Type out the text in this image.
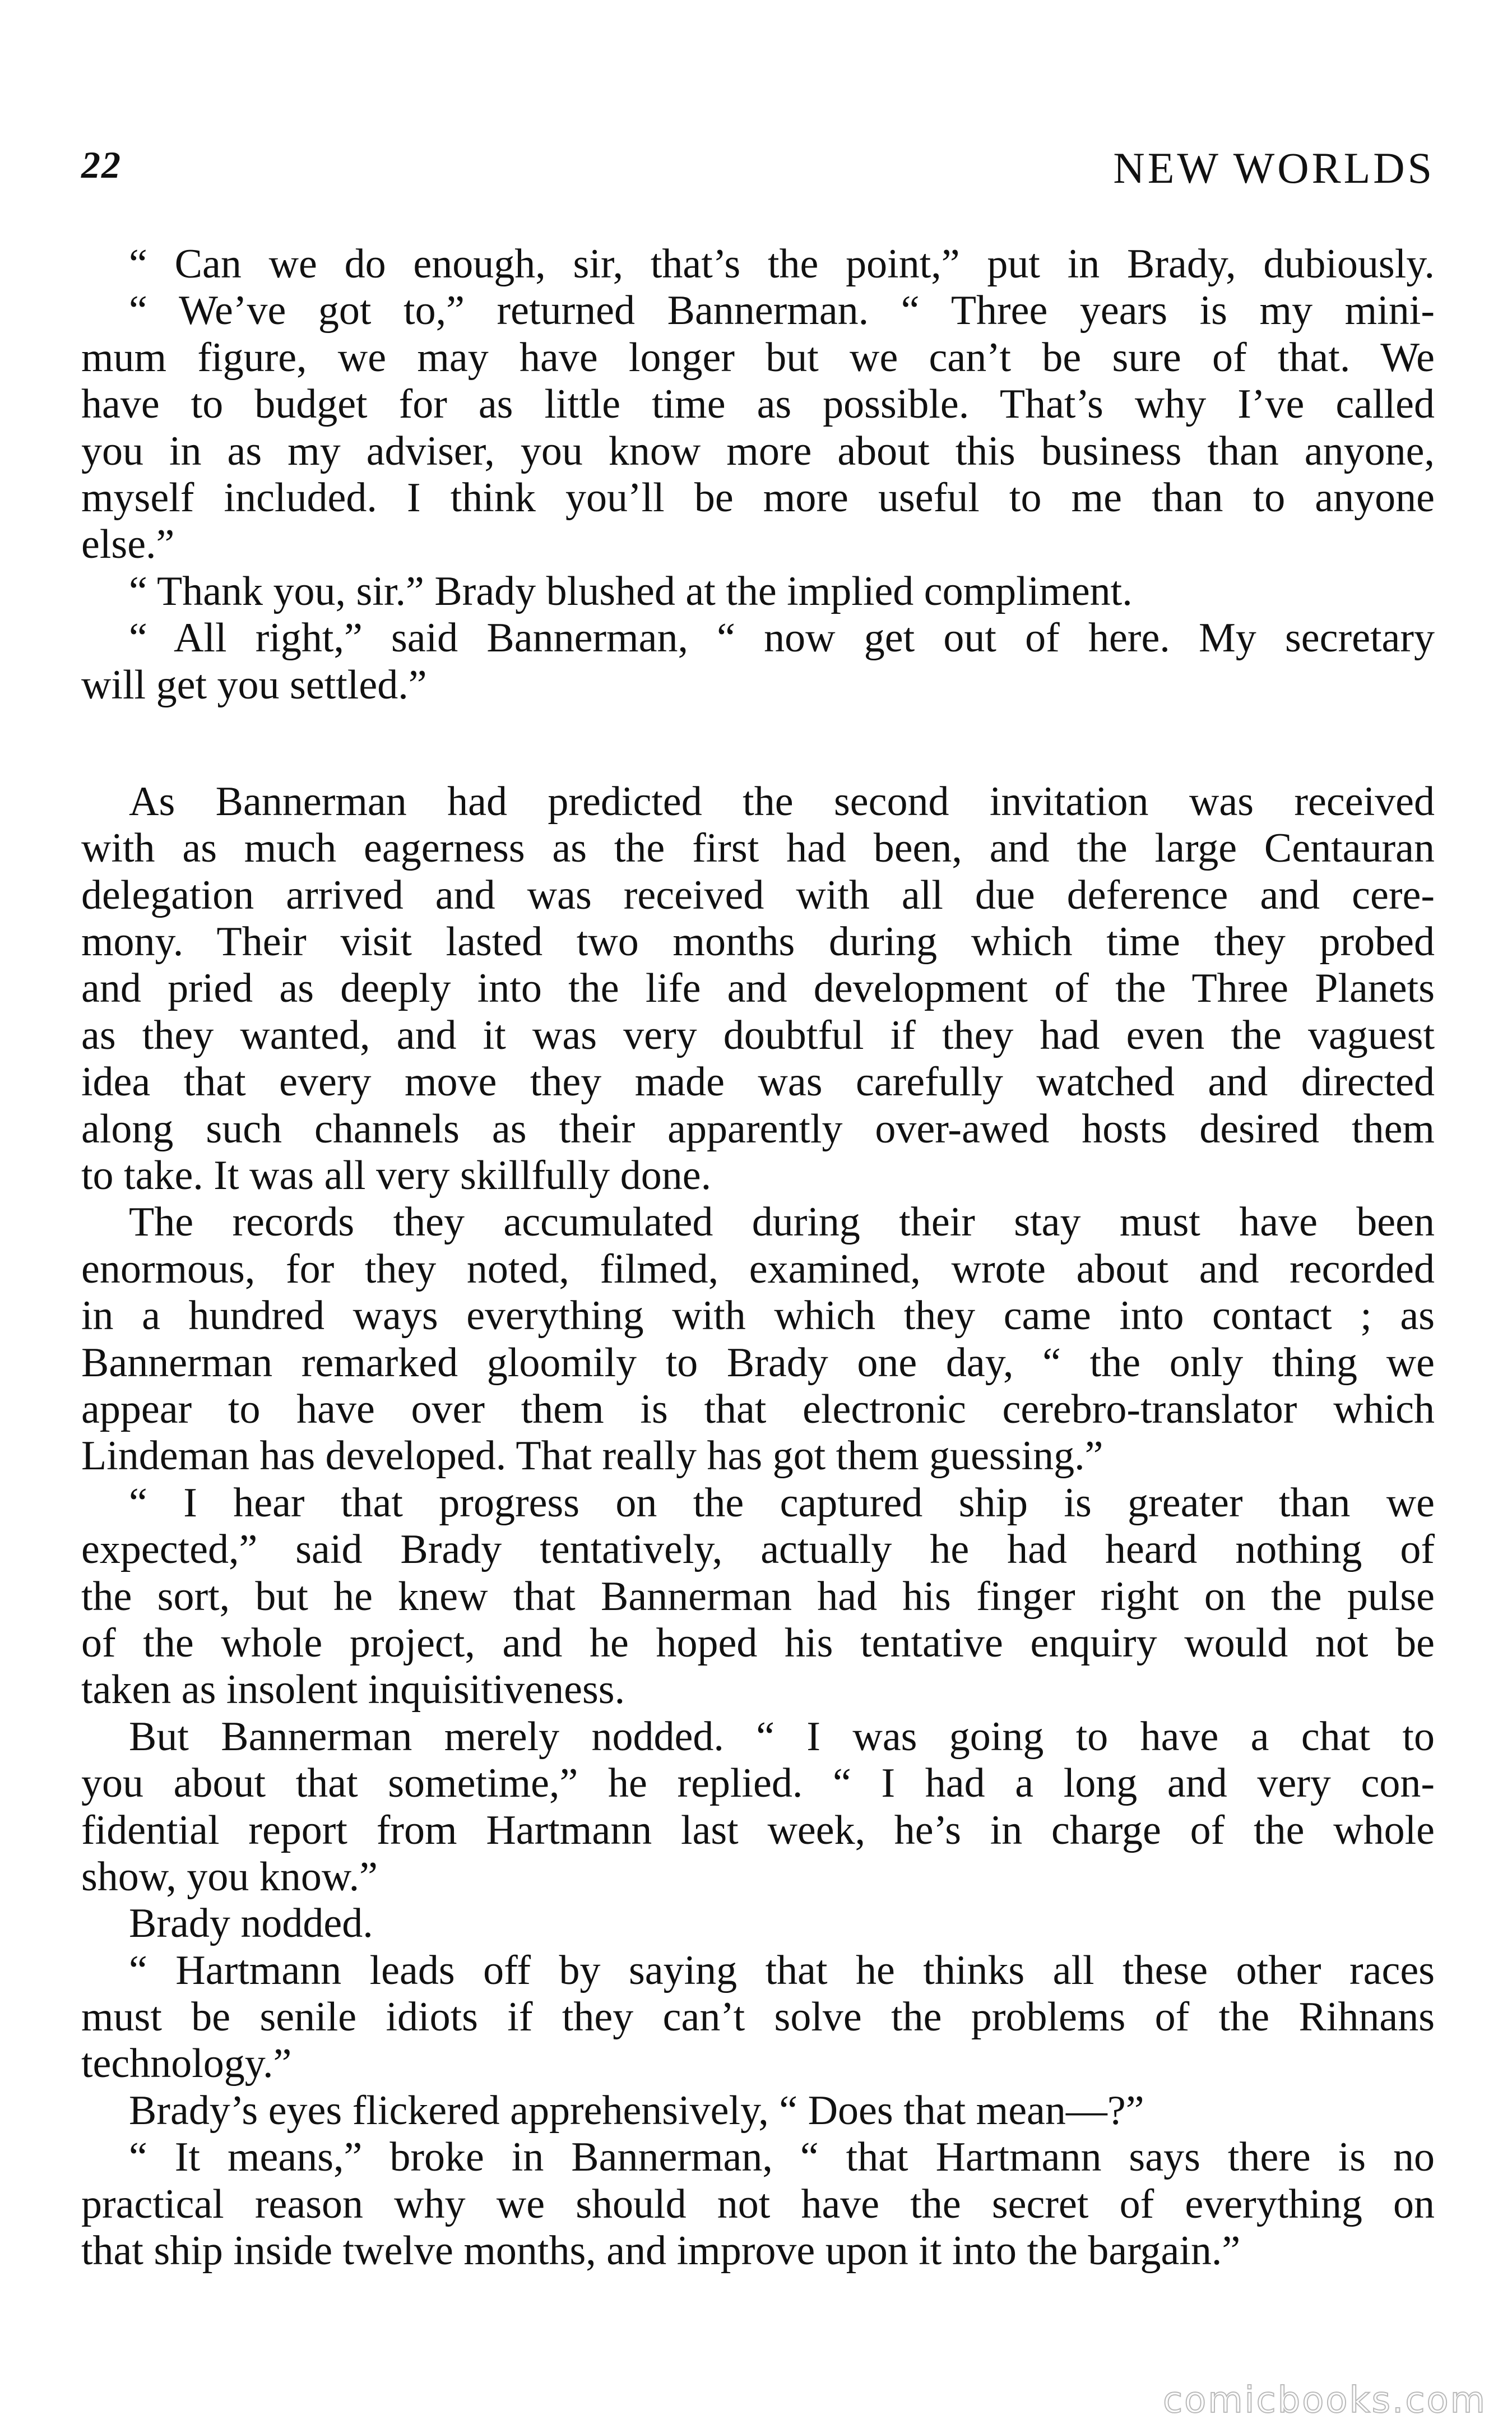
22	NEW WORLDS
“ Can we do enough, sir, that’s the point,” put in Brady, dubiously.
“ We’ve got to,” returned Bannerman. “ Three years is my mini-
mum figure, we may have longer but we can’t be sure of that. We
have to budget for as little time as possible. That’s why I’ve called
you in as my adviser, you know more about this business than anyone,
myself included. I think you’ll be more useful to me than to anyone
else.”
“ Thank you, sir.” Brady blushed at the implied compliment.
“ All right,” said Bannerman, “ now get out of here. My secretary
will get you settled.”
As Bannerman had predicted the second invitation was received
with as much eagerness as the first had been, and the large Centauran
delegation arrived and was received with all due deference and cere-
mony. Their visit lasted two months during which time they probed
and pried as deeply into the life and development of the Three Planets
as they wanted, and it was very doubtful if they had even the vaguest
idea that every move they made was carefully watched and directed
along such channels as their apparently over-awed hosts desired them
to take. It was all very skillfully done.
The records they accumulated during their stay must have been
enormous, for they noted, filmed, examined, wrote about and recorded
in a hundred ways everything with which they came into contact ; as
Bannerman remarked gloomily to Brady one day, “ the only thing we
appear to have over them is that electronic cerebro-translator which
Lindeman has developed. That really has got them guessing.”
“ I hear that progress on the captured ship is greater than we
expected,” said Brady tentatively, actually he had heard nothing of
the sort, but he knew that Bannerman had his finger right on the pulse
of the whole project, and he hoped his tentative enquiry would not be
taken as insolent inquisitiveness.
But Bannerman merely nodded. “ I was going to have a chat to
you about that sometime,” he replied. “ I had a long and very con-
fidential report from Hartmann last week, he’s in charge of the whole
show, you know.”
Brady nodded.
“ Hartmann leads off by saying that he thinks all these other races
must be senile idiots if they can’t solve the problems of the Rihnans
technology.”
Brady’s eyes flickered apprehensively, “ Does that mean—?”
“ It means,” broke in Bannerman, “ that Hartmann says there is no
practical reason why we should not have the secret of everything on
that ship inside twelve months, and improve upon it into the bargain.”
comicbooks.com
